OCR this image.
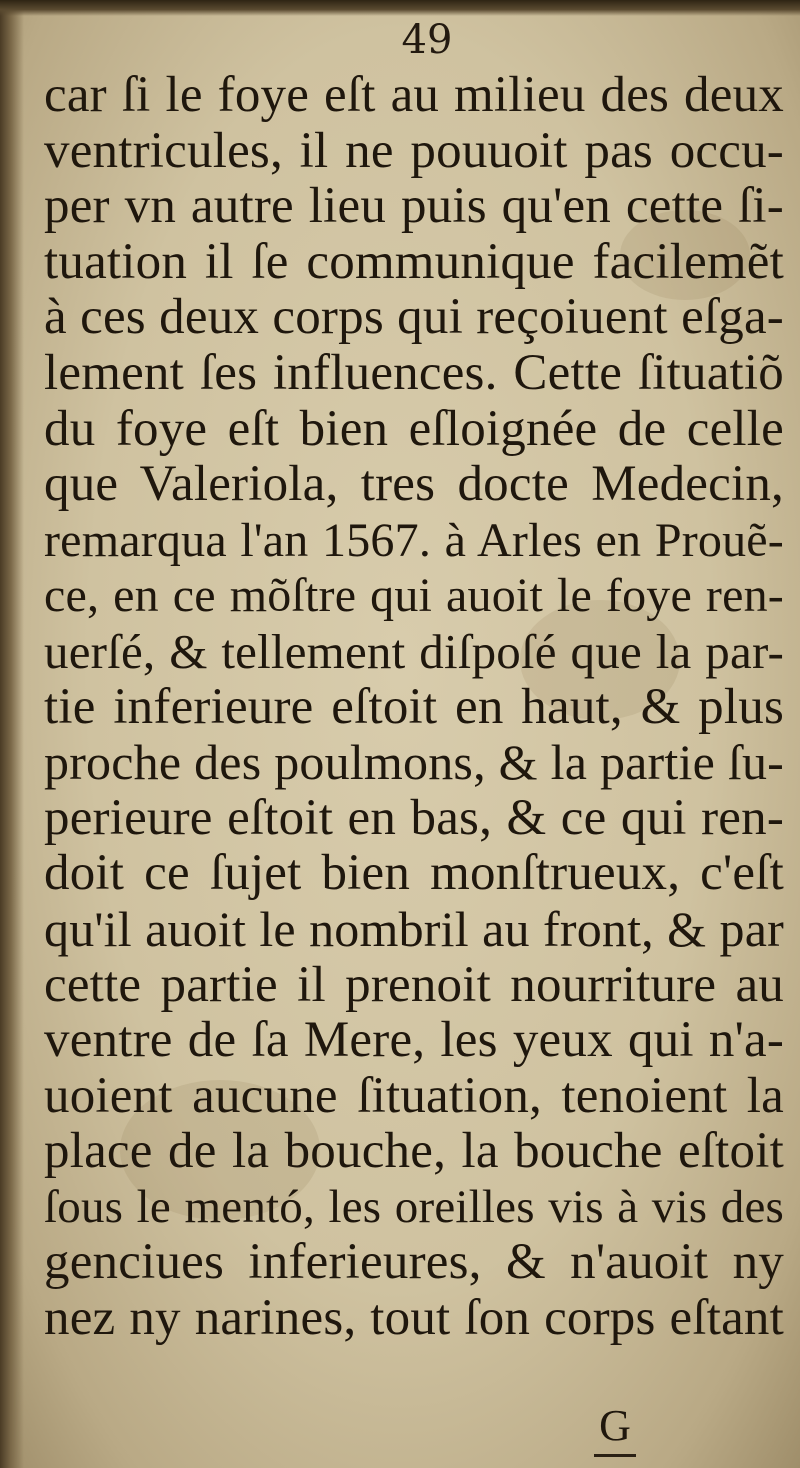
49
car ſi le foye eſt au milieu des deux
ventricules, il ne pouuoit pas occu-
per vn autre lieu puis qu'en cette ſi-
tuation il ſe communique facilemẽt
à ces deux corps qui reçoiuent eſga-
lement ſes influences. Cette ſituatiõ
du foye eſt bien eſloignée de celle
que Valeriola, tres docte Medecin,
remarqua l'an 1567. à Arles en Prouẽ-
ce, en ce mõſtre qui auoit le foye ren-
uerſé, & tellement diſpoſé que la par-
tie inferieure eſtoit en haut, & plus
proche des poulmons, & la partie ſu-
perieure eſtoit en bas, & ce qui ren-
doit ce ſujet bien monſtrueux, c'eſt
qu'il auoit le nombril au front, & par
cette partie il prenoit nourriture au
ventre de ſa Mere, les yeux qui n'a-
uoient aucune ſituation, tenoient la
place de la bouche, la bouche eſtoit
ſous le mentó, les oreilles vis à vis des
genciues inferieures, & n'auoit ny
nez ny narines, tout ſon corps eſtant
G
